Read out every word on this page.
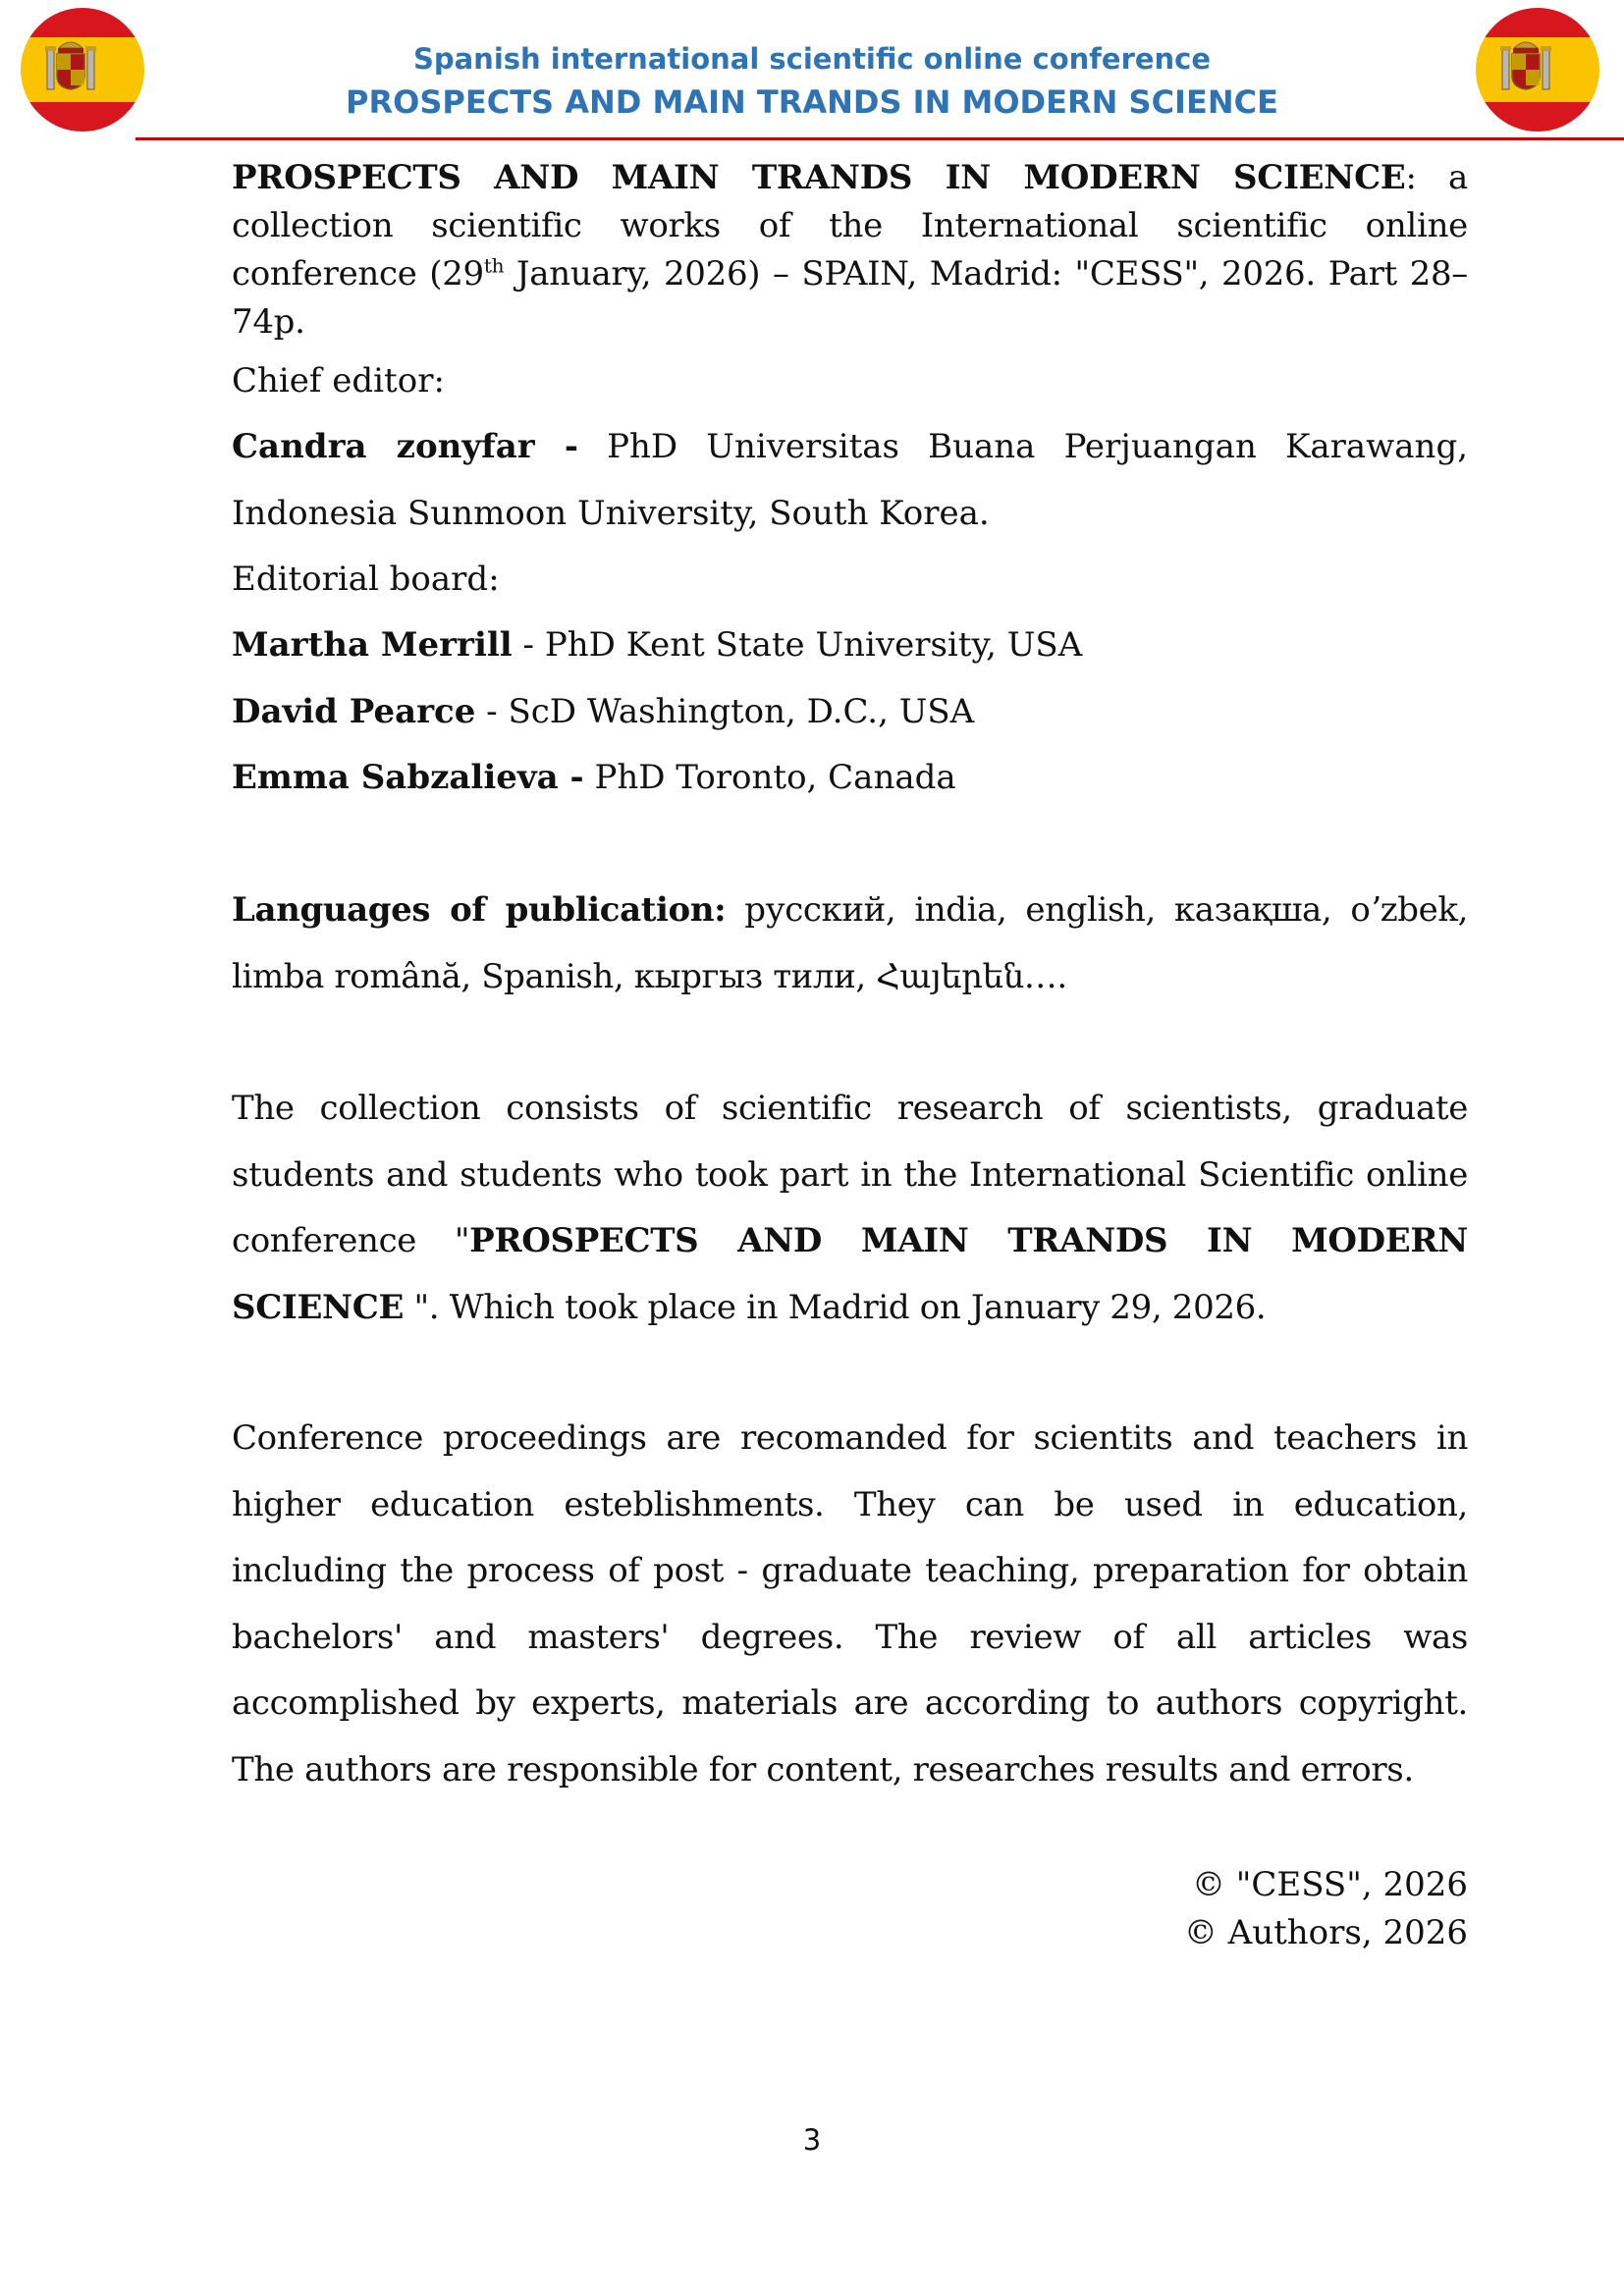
Spanish international scientific online conference
PROSPECTS AND MAIN TRANDS IN MODERN SCIENCE

PROSPECTS AND MAIN TRANDS IN MODERN SCIENCE: a collection scientific works of the International scientific online conference (29th January, 2026) – SPAIN, Madrid: "CESS", 2026. Part 28– 74p.

Chief editor:

Candra zonyfar - PhD Universitas Buana Perjuangan Karawang, Indonesia Sunmoon University, South Korea.

Editorial board:

Martha Merrill - PhD Kent State University, USA

David Pearce - ScD Washington, D.C., USA

Emma Sabzalieva - PhD Toronto, Canada

Languages of publication: русский, india, english, казақша, oʼzbek, limba română, Spanish, кыргыз тили, Հայերեն….

The collection consists of scientific research of scientists, graduate students and students who took part in the International Scientific online conference "PROSPECTS AND MAIN TRANDS IN MODERN SCIENCE ". Which took place in Madrid on January 29, 2026.

Conference proceedings are recomanded for scientits and teachers in higher education esteblishments. They can be used in education, including the process of post - graduate teaching, preparation for obtain bachelors' and masters' degrees. The review of all articles was accomplished by experts, materials are according to authors copyright. The authors are responsible for content, researches results and errors.

© "CESS", 2026
© Authors, 2026
3
